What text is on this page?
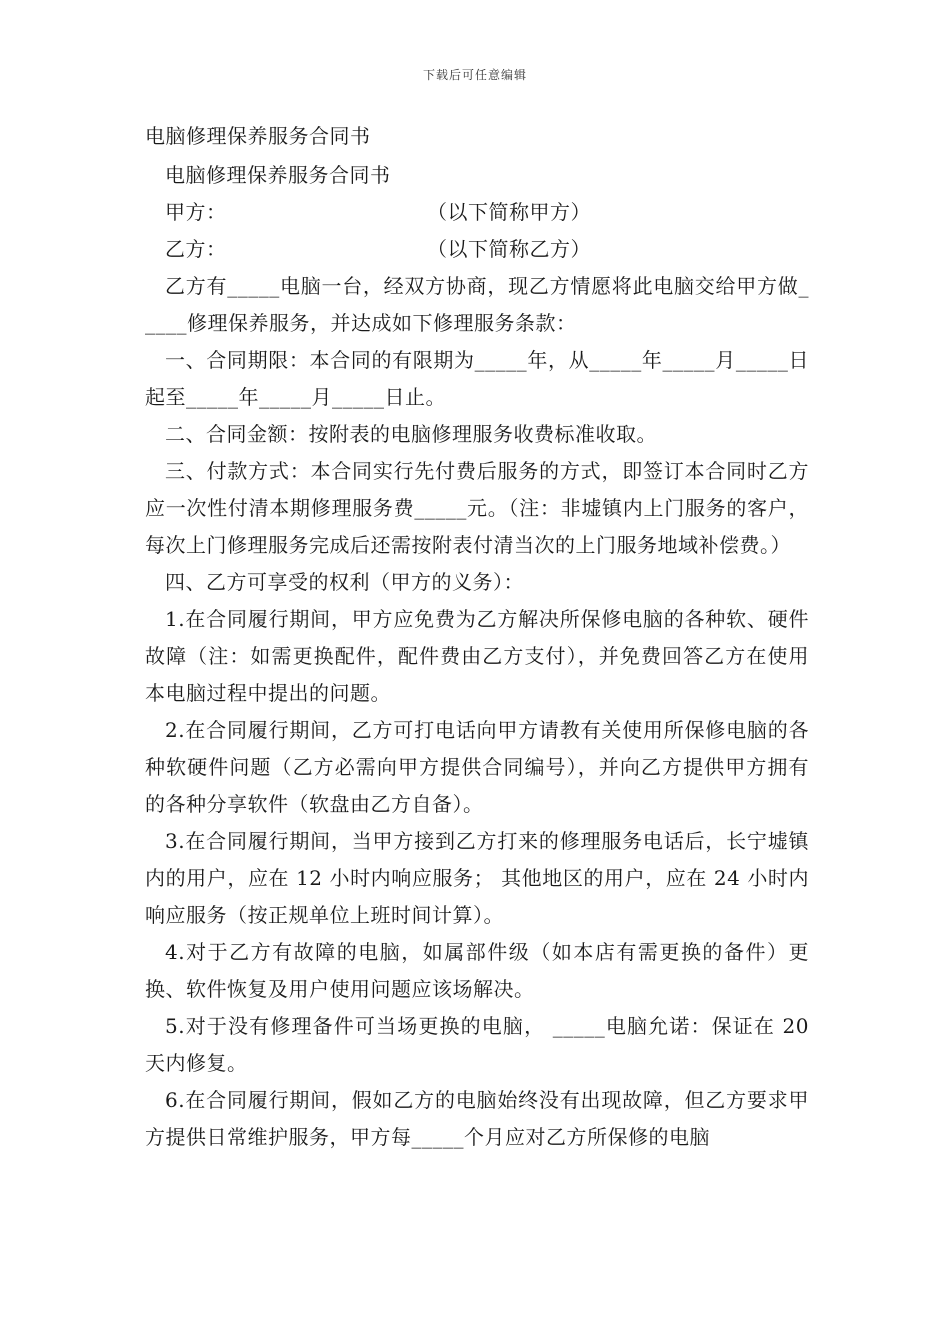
下载后可任意编辑

电脑修理保养服务合同书

电脑修理保养服务合同书

甲方：	（以下简称甲方）
乙方：	（以下简称乙方）

乙方有_____电脑一台，经双方协商，现乙方情愿将此电脑交给甲方做_____修理保养服务，并达成如下修理服务条款：

一、合同期限：本合同的有限期为_____年，从_____年_____月_____日起至_____年_____月_____日止。

二、合同金额：按附表的电脑修理服务收费标准收取。

三、付款方式：本合同实行先付费后服务的方式，即签订本合同时乙方应一次性付清本期修理服务费_____元。（注：非墟镇内上门服务的客户， 每次上门修理服务完成后还需按附表付清当次的上门服务地域补偿费。）

四、乙方可享受的权利（甲方的义务）：

1.在合同履行期间，甲方应免费为乙方解决所保修电脑的各种软、硬件故障（注：如需更换配件，配件费由乙方支付），并免费回答乙方在使用本电脑过程中提出的问题。

2.在合同履行期间，乙方可打电话向甲方请教有关使用所保修电脑的各种软硬件问题（乙方必需向甲方提供合同编号），并向乙方提供甲方拥有的各种分享软件（软盘由乙方自备）。

3.在合同履行期间，当甲方接到乙方打来的修理服务电话后，长宁墟镇内的用户，应在 12 小时内响应服务； 其他地区的用户，应在 24 小时内响应服务（按正规单位上班时间计算）。

4.对于乙方有故障的电脑，如属部件级（如本店有需更换的备件）更换、软件恢复及用户使用问题应该场解决。

5.对于没有修理备件可当场更换的电脑， _____电脑允诺：保证在 20 天内修复。

6.在合同履行期间，假如乙方的电脑始终没有出现故障，但乙方要求甲方提供日常维护服务，甲方每_____个月应对乙方所保修的电脑
